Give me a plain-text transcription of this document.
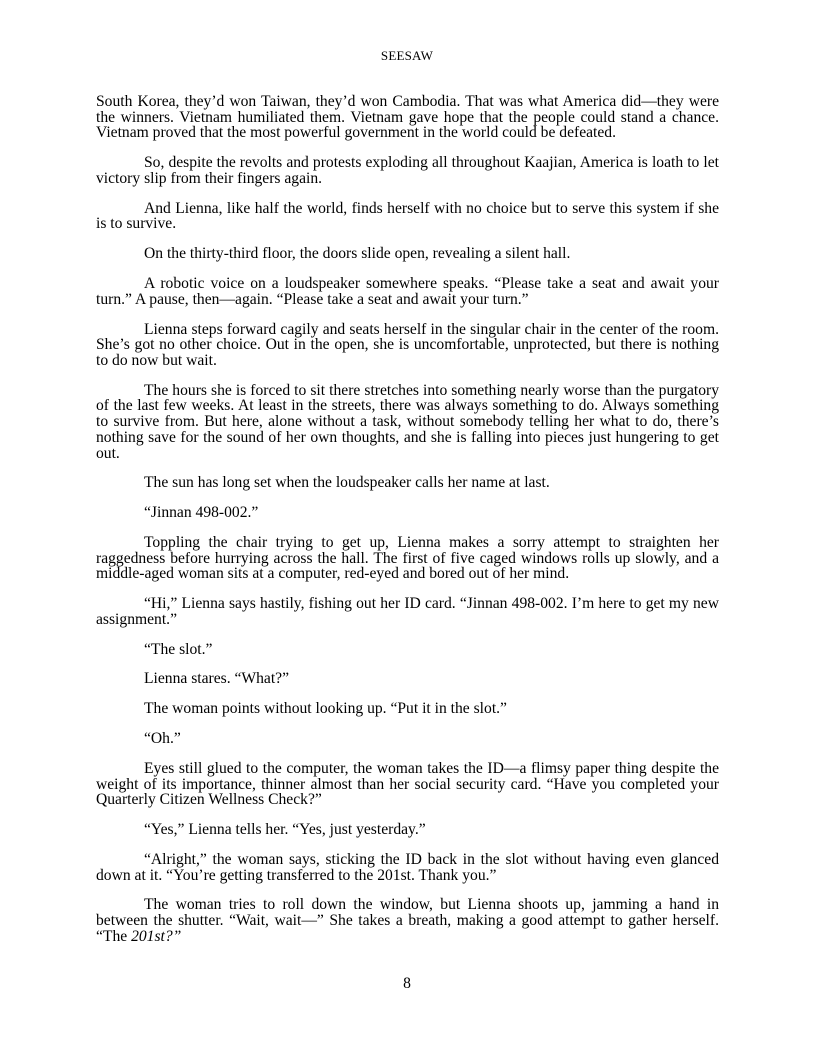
SEESAW

South Korea, they’d won Taiwan, they’d won Cambodia. That was what America did—they were the winners. Vietnam humiliated them. Vietnam gave hope that the people could stand a chance. Vietnam proved that the most powerful government in the world could be defeated.

So, despite the revolts and protests exploding all throughout Kaajian, America is loath to let victory slip from their fingers again.

And Lienna, like half the world, finds herself with no choice but to serve this system if she is to survive.

On the thirty-third floor, the doors slide open, revealing a silent hall.

A robotic voice on a loudspeaker somewhere speaks. “Please take a seat and await your turn.” A pause, then—again. “Please take a seat and await your turn.”

Lienna steps forward cagily and seats herself in the singular chair in the center of the room. She’s got no other choice. Out in the open, she is uncomfortable, unprotected, but there is nothing to do now but wait.

The hours she is forced to sit there stretches into something nearly worse than the purgatory of the last few weeks. At least in the streets, there was always something to do. Always something to survive from. But here, alone without a task, without somebody telling her what to do, there’s nothing save for the sound of her own thoughts, and she is falling into pieces just hungering to get out.

The sun has long set when the loudspeaker calls her name at last.

“Jinnan 498-002.”

Toppling the chair trying to get up, Lienna makes a sorry attempt to straighten her raggedness before hurrying across the hall. The first of five caged windows rolls up slowly, and a middle-aged woman sits at a computer, red-eyed and bored out of her mind.

“Hi,” Lienna says hastily, fishing out her ID card. “Jinnan 498-002. I’m here to get my new assignment.”

“The slot.”

Lienna stares. “What?”

The woman points without looking up. “Put it in the slot.”

“Oh.”

Eyes still glued to the computer, the woman takes the ID—a flimsy paper thing despite the weight of its importance, thinner almost than her social security card. “Have you completed your Quarterly Citizen Wellness Check?”

“Yes,” Lienna tells her. “Yes, just yesterday.”

“Alright,” the woman says, sticking the ID back in the slot without having even glanced down at it. “You’re getting transferred to the 201st. Thank you.”

The woman tries to roll down the window, but Lienna shoots up, jamming a hand in between the shutter. “Wait, wait—” She takes a breath, making a good attempt to gather herself. “The 201st?”

8
